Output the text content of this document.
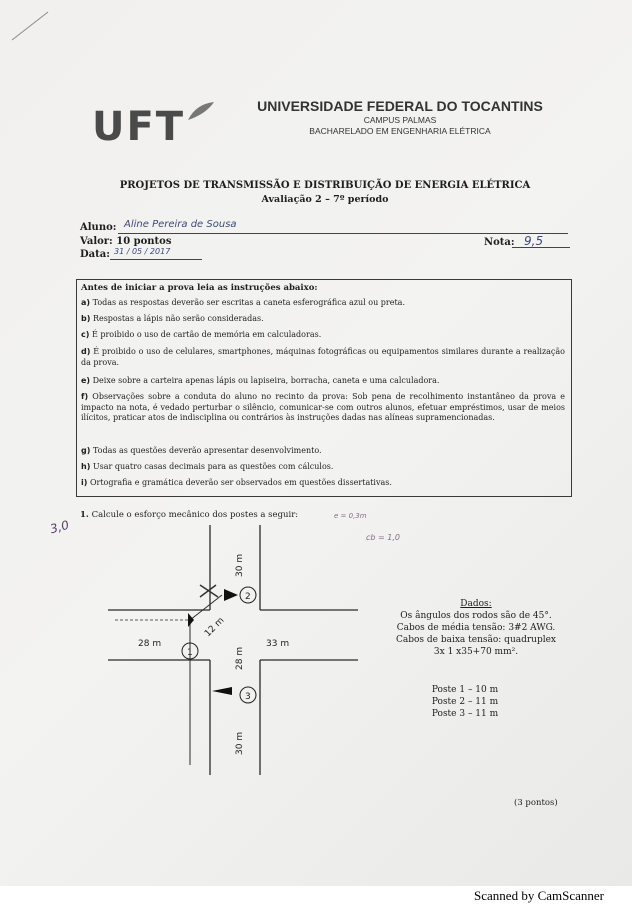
UFT	UNIVERSIDADE FEDERAL DO TOCANTINS
CAMPUS PALMAS
BACHARELADO EM ENGENHARIA ELÉTRICA
PROJETOS DE TRANSMISSÃO E DISTRIBUIÇÃO DE ENERGIA ELÉTRICA
Avaliação 2 – 7º período
Aluno: Aline Pereira de Sousa
Valor: 10 pontos
Data: 31 / 05 / 2017
Nota: 9,5
Antes de iniciar a prova leia as instruções abaixo:
a) Todas as respostas deverão ser escritas a caneta esferográfica azul ou preta.
b) Respostas a lápis não serão consideradas.
c) É proibido o uso de cartão de memória em calculadoras.
d) É proibido o uso de celulares, smartphones, máquinas fotográficas ou equipamentos similares durante a realização da prova.
e) Deixe sobre a carteira apenas lápis ou lapiseira, borracha, caneta e uma calculadora.
f) Observações sobre a conduta do aluno no recinto da prova: Sob pena de recolhimento instantâneo da prova e impacto na nota, é vedado perturbar o silêncio, comunicar-se com outros alunos, efetuar empréstimos, usar de meios ilícitos, praticar atos de indisciplina ou contrários às instruções dadas nas alíneas supramencionadas.
g) Todas as questões deverão apresentar desenvolvimento.
h) Usar quatro casas decimais para as questões com cálculos.
i) Ortografia e gramática deverão ser observados em questões dissertativas.
3,0
1. Calcule o esforço mecânico dos postes a seguir:	e = 0,3m
cb = 1,0
1
2
3
28 m	33 m
30 m
28 m
30 m
12 m
Dados:
Os ângulos dos rodos são de 45°.
Cabos de média tensão: 3#2 AWG.
Cabos de baixa tensão: quadruplex
3x 1 x35+70 mm².
Poste 1 – 10 m
Poste 2 – 11 m
Poste 3 – 11 m
(3 pontos)
Scanned by CamScanner
